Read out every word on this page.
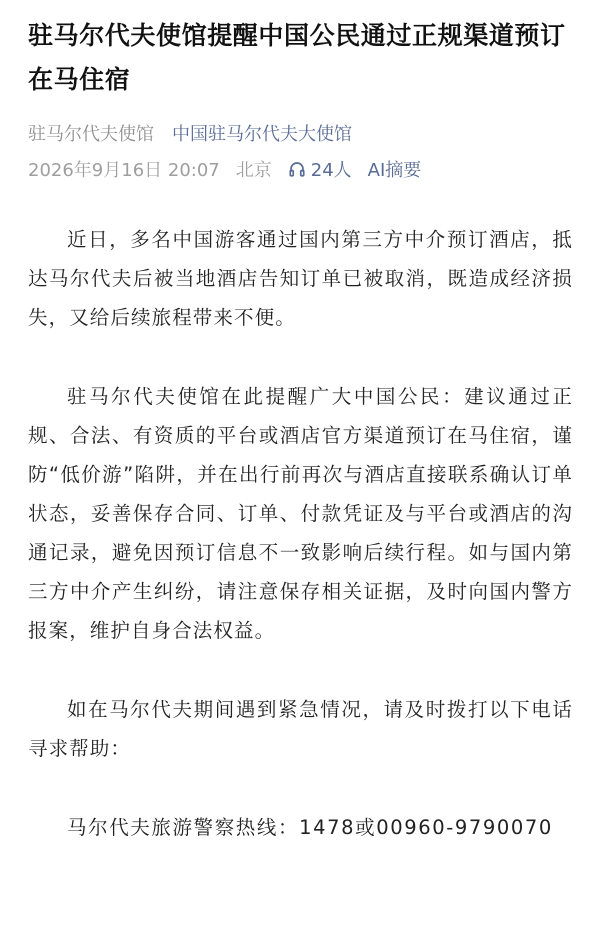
驻马尔代夫使馆提醒中国公民通过正规渠道预订在马住宿
驻马尔代夫使馆 中国驻马尔代夫大使馆
2026年9月16日 20:07 北京 24人 AI摘要

近日，多名中国游客通过国内第三方中介预订酒店，抵达马尔代夫后被当地酒店告知订单已被取消，既造成经济损失，又给后续旅程带来不便。

驻马尔代夫使馆在此提醒广大中国公民：建议通过正规、合法、有资质的平台或酒店官方渠道预订在马住宿，谨防“低价游”陷阱，并在出行前再次与酒店直接联系确认订单状态，妥善保存合同、订单、付款凭证及与平台或酒店的沟通记录，避免因预订信息不一致影响后续行程。如与国内第三方中介产生纠纷，请注意保存相关证据，及时向国内警方报案，维护自身合法权益。

如在马尔代夫期间遇到紧急情况，请及时拨打以下电话寻求帮助：

马尔代夫旅游警察热线：1478或00960-9790070
